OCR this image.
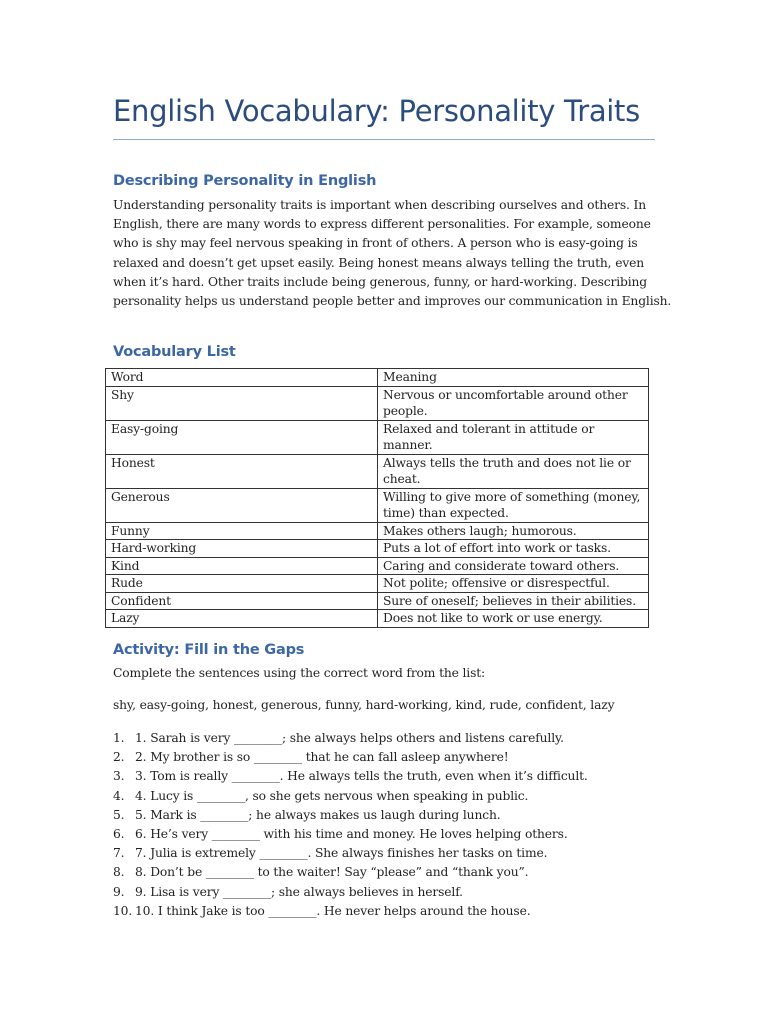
English Vocabulary: Personality Traits
Describing Personality in English
Understanding personality traits is important when describing ourselves and others. In
English, there are many words to express different personalities. For example, someone
who is shy may feel nervous speaking in front of others. A person who is easy-going is
relaxed and doesn’t get upset easily. Being honest means always telling the truth, even
when it’s hard. Other traits include being generous, funny, or hard-working. Describing
personality helps us understand people better and improves our communication in English.
Vocabulary List
Word	Meaning
Shy	Nervous or uncomfortable around other people.
Easy-going	Relaxed and tolerant in attitude or manner.
Honest	Always tells the truth and does not lie or cheat.
Generous	Willing to give more of something (money, time) than expected.
Funny	Makes others laugh; humorous.
Hard-working	Puts a lot of effort into work or tasks.
Kind	Caring and considerate toward others.
Rude	Not polite; offensive or disrespectful.
Confident	Sure of oneself; believes in their abilities.
Lazy	Does not like to work or use energy.
Activity: Fill in the Gaps
Complete the sentences using the correct word from the list:
shy, easy-going, honest, generous, funny, hard-working, kind, rude, confident, lazy
1. 1. Sarah is very ________; she always helps others and listens carefully.
2. 2. My brother is so ________ that he can fall asleep anywhere!
3. 3. Tom is really ________. He always tells the truth, even when it’s difficult.
4. 4. Lucy is ________, so she gets nervous when speaking in public.
5. 5. Mark is ________; he always makes us laugh during lunch.
6. 6. He’s very ________ with his time and money. He loves helping others.
7. 7. Julia is extremely ________. She always finishes her tasks on time.
8. 8. Don’t be ________ to the waiter! Say “please” and “thank you”.
9. 9. Lisa is very ________; she always believes in herself.
10. 10. I think Jake is too ________. He never helps around the house.
